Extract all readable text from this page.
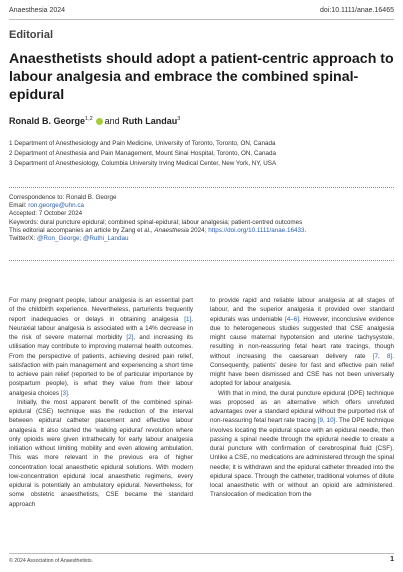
Anaesthesia 2024	doi:10.1111/anae.16465
Editorial
Anaesthetists should adopt a patient-centric approach to labour analgesia and embrace the combined spinal-epidural
Ronald B. George$^{1,2}$ and Ruth Landau$^3$
1 Department of Anesthesiology and Pain Medicine, University of Toronto, Toronto, ON, Canada
2 Department of Anesthesia and Pain Management, Mount Sinai Hospital, Toronto, ON, Canada
3 Department of Anesthesiology, Columbia University Irving Medical Center, New York, NY, USA
Correspondence to: Ronald B. George
Email: ron.george@uhn.ca
Accepted: 7 October 2024
Keywords: dural puncture epidural; combined spinal-epidural; labour analgesia; patient-centred outcomes
This editorial accompanies an article by Zang et al., Anaesthesia 2024; https://doi.org/10.1111/anae.16433.
Twitter/X: @Ron_George; @Ruthi_Landau

For many pregnant people, labour analgesia is an essential part of the childbirth experience. Nevertheless, parturients frequently report inadequacies or delays in obtaining analgesia [1]. Neuraxial labour analgesia is associated with a 14% decrease in the risk of severe maternal morbidity [2], and increasing its utilisation may contribute to improving maternal health outcomes. From the perspective of patients, achieving desired pain relief, satisfaction with pain management and experiencing a short time to achieve pain relief (reported to be of particular importance by postpartum people), is what they value from their labour analgesia choices [3].

Initially, the most apparent benefit of the combined spinal-epidural (CSE) technique was the reduction of the interval between epidural catheter placement and effective labour analgesia. It also started the ‘walking epidural’ revolution where only opioids were given intrathecally for early labour analgesia initiation without limiting mobility and even allowing ambulation. This was more relevant in the previous era of higher concentration local anaesthetic epidural solutions. With modern low-concentration epidural local anaesthetic regimens, every epidural is potentially an ambulatory epidural. Nevertheless, for some obstetric anaesthetists, CSE became the standard approach

to provide rapid and reliable labour analgesia at all stages of labour, and the superior analgesia it provided over standard epidurals was undeniable [4–6]. However, inconclusive evidence due to heterogeneous studies suggested that CSE analgesia might cause maternal hypotension and uterine tachysystole, resulting in non-reassuring fetal heart rate tracings, though without increasing the caesarean delivery rate [7, 8]. Consequently, patients’ desire for fast and effective pain relief might have been dismissed and CSE has not been universally adopted for labour analgesia.

With that in mind, the dural puncture epidural (DPE) technique was proposed as an alternative which offers unrefuted advantages over a standard epidural without the purported risk of non-reassuring fetal heart rate tracing [9, 10]. The DPE technique involves locating the epidural space with an epidural needle, then passing a spinal needle through the epidural needle to create a dural puncture with confirmation of cerebrospinal fluid (CSF). Unlike a CSE, no medications are administered through the spinal needle; it is withdrawn and the epidural catheter threaded into the epidural space. Through the catheter, traditional volumes of dilute local anaesthetic with or without an opioid are administered. Translocation of medication from the

© 2024 Association of Anaesthetists.	1
